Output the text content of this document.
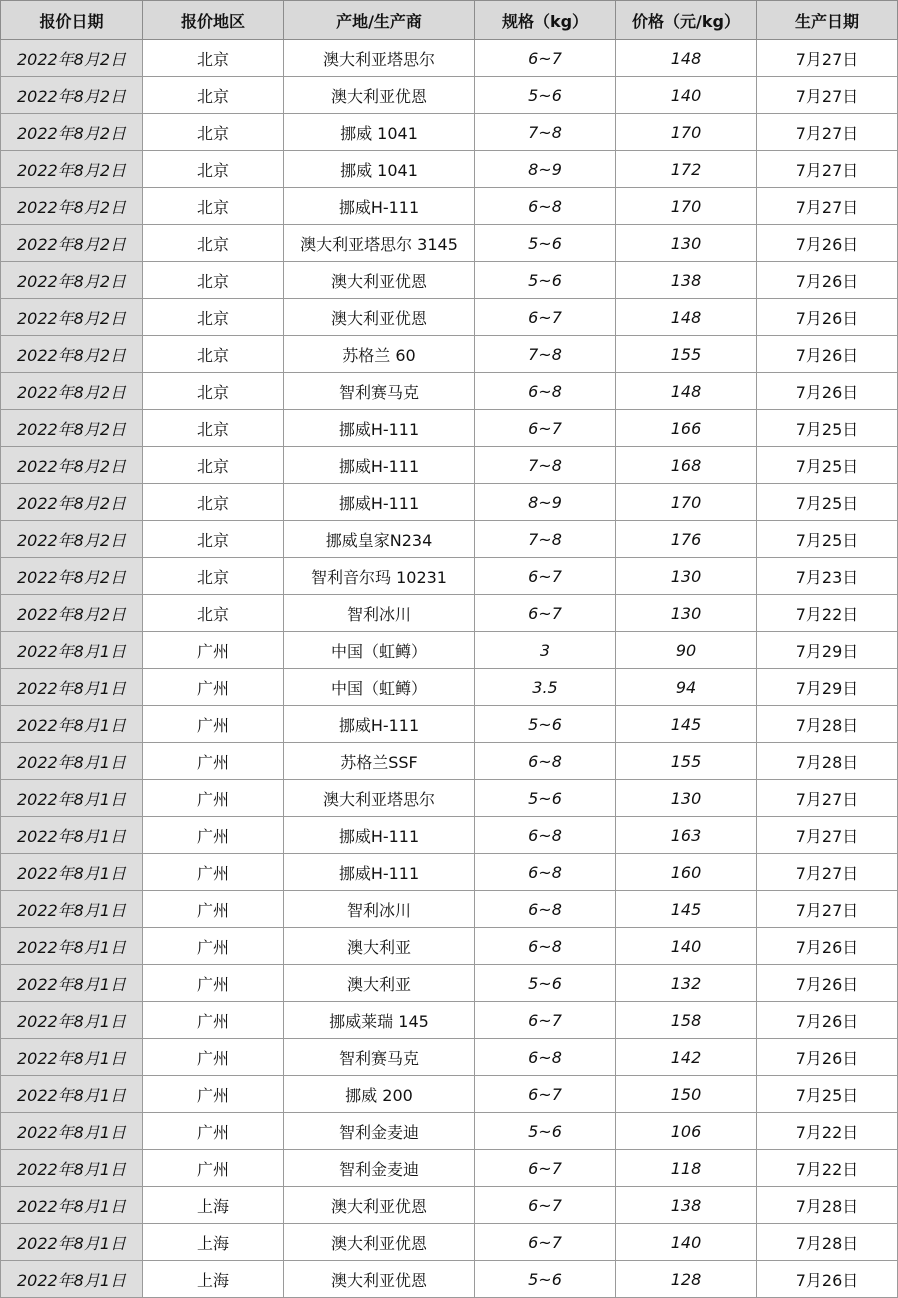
报价日期	报价地区	产地/生产商	规格（kg）	价格（元/kg）	生产日期
2022年8月2日	北京	澳大利亚塔思尔	6~7	148	7月27日
2022年8月2日	北京	澳大利亚优恩	5~6	140	7月27日
2022年8月2日	北京	挪威 1041	7~8	170	7月27日
2022年8月2日	北京	挪威 1041	8~9	172	7月27日
2022年8月2日	北京	挪威H-111	6~8	170	7月27日
2022年8月2日	北京	澳大利亚塔思尔 3145	5~6	130	7月26日
2022年8月2日	北京	澳大利亚优恩	5~6	138	7月26日
2022年8月2日	北京	澳大利亚优恩	6~7	148	7月26日
2022年8月2日	北京	苏格兰 60	7~8	155	7月26日
2022年8月2日	北京	智利赛马克	6~8	148	7月26日
2022年8月2日	北京	挪威H-111	6~7	166	7月25日
2022年8月2日	北京	挪威H-111	7~8	168	7月25日
2022年8月2日	北京	挪威H-111	8~9	170	7月25日
2022年8月2日	北京	挪威皇家N234	7~8	176	7月25日
2022年8月2日	北京	智利音尔玛 10231	6~7	130	7月23日
2022年8月2日	北京	智利冰川	6~7	130	7月22日
2022年8月1日	广州	中国（虹鳟）	3	90	7月29日
2022年8月1日	广州	中国（虹鳟）	3.5	94	7月29日
2022年8月1日	广州	挪威H-111	5~6	145	7月28日
2022年8月1日	广州	苏格兰SSF	6~8	155	7月28日
2022年8月1日	广州	澳大利亚塔思尔	5~6	130	7月27日
2022年8月1日	广州	挪威H-111	6~8	163	7月27日
2022年8月1日	广州	挪威H-111	6~8	160	7月27日
2022年8月1日	广州	智利冰川	6~8	145	7月27日
2022年8月1日	广州	澳大利亚	6~8	140	7月26日
2022年8月1日	广州	澳大利亚	5~6	132	7月26日
2022年8月1日	广州	挪威莱瑞 145	6~7	158	7月26日
2022年8月1日	广州	智利赛马克	6~8	142	7月26日
2022年8月1日	广州	挪威 200	6~7	150	7月25日
2022年8月1日	广州	智利金麦迪	5~6	106	7月22日
2022年8月1日	广州	智利金麦迪	6~7	118	7月22日
2022年8月1日	上海	澳大利亚优恩	6~7	138	7月28日
2022年8月1日	上海	澳大利亚优恩	6~7	140	7月28日
2022年8月1日	上海	澳大利亚优恩	5~6	128	7月26日
